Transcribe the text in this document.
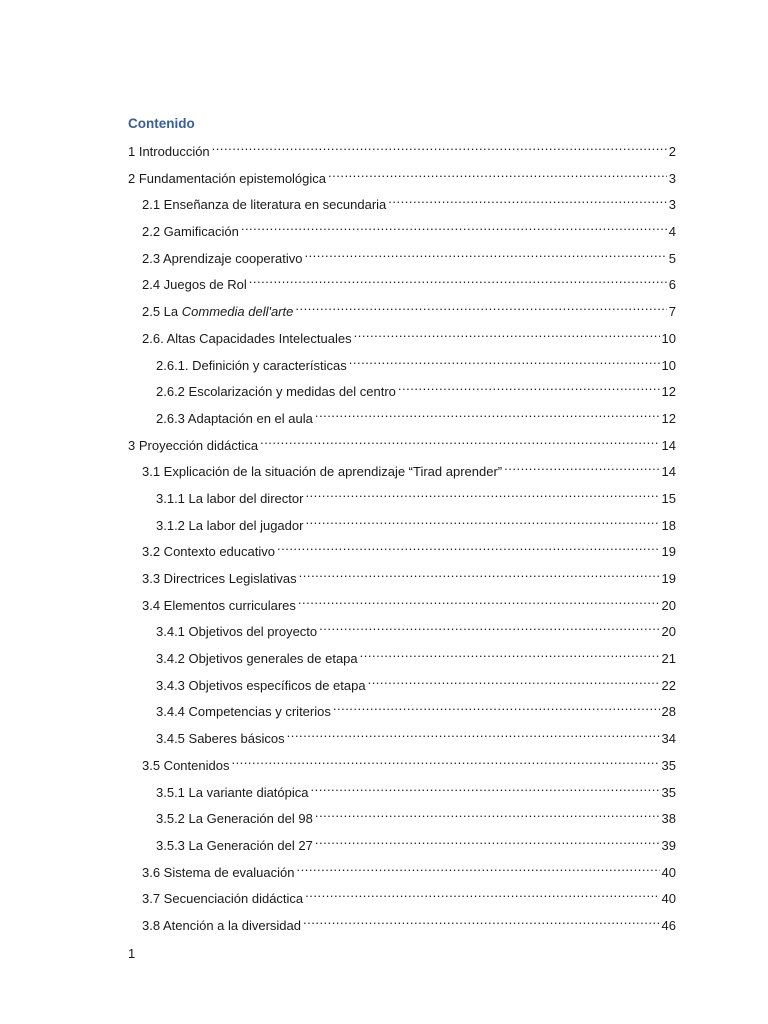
Contenido
1 Introducción .....	2
2 Fundamentación epistemológica .....	3
2.1 Enseñanza de literatura en secundaria .....	3
2.2 Gamificación .....	4
2.3 Aprendizaje cooperativo .....	5
2.4 Juegos de Rol .....	6
2.5 La Commedia dell'arte .....	7
2.6. Altas Capacidades Intelectuales .....	10
2.6.1. Definición y características .....	10
2.6.2 Escolarización y medidas del centro .....	12
2.6.3 Adaptación en el aula .....	12
3 Proyección didáctica .....	14
3.1 Explicación de la situación de aprendizaje “Tirad aprender” .....	14
3.1.1 La labor del director .....	15
3.1.2 La labor del jugador .....	18
3.2 Contexto educativo .....	19
3.3 Directrices Legislativas .....	19
3.4 Elementos curriculares .....	20
3.4.1 Objetivos del proyecto .....	20
3.4.2 Objetivos generales de etapa .....	21
3.4.3 Objetivos específicos de etapa .....	22
3.4.4 Competencias y criterios .....	28
3.4.5 Saberes básicos .....	34
3.5 Contenidos .....	35
3.5.1 La variante diatópica .....	35
3.5.2 La Generación del 98 .....	38
3.5.3 La Generación del 27 .....	39
3.6 Sistema de evaluación .....	40
3.7 Secuenciación didáctica .....	40
3.8 Atención a la diversidad .....	46
1
